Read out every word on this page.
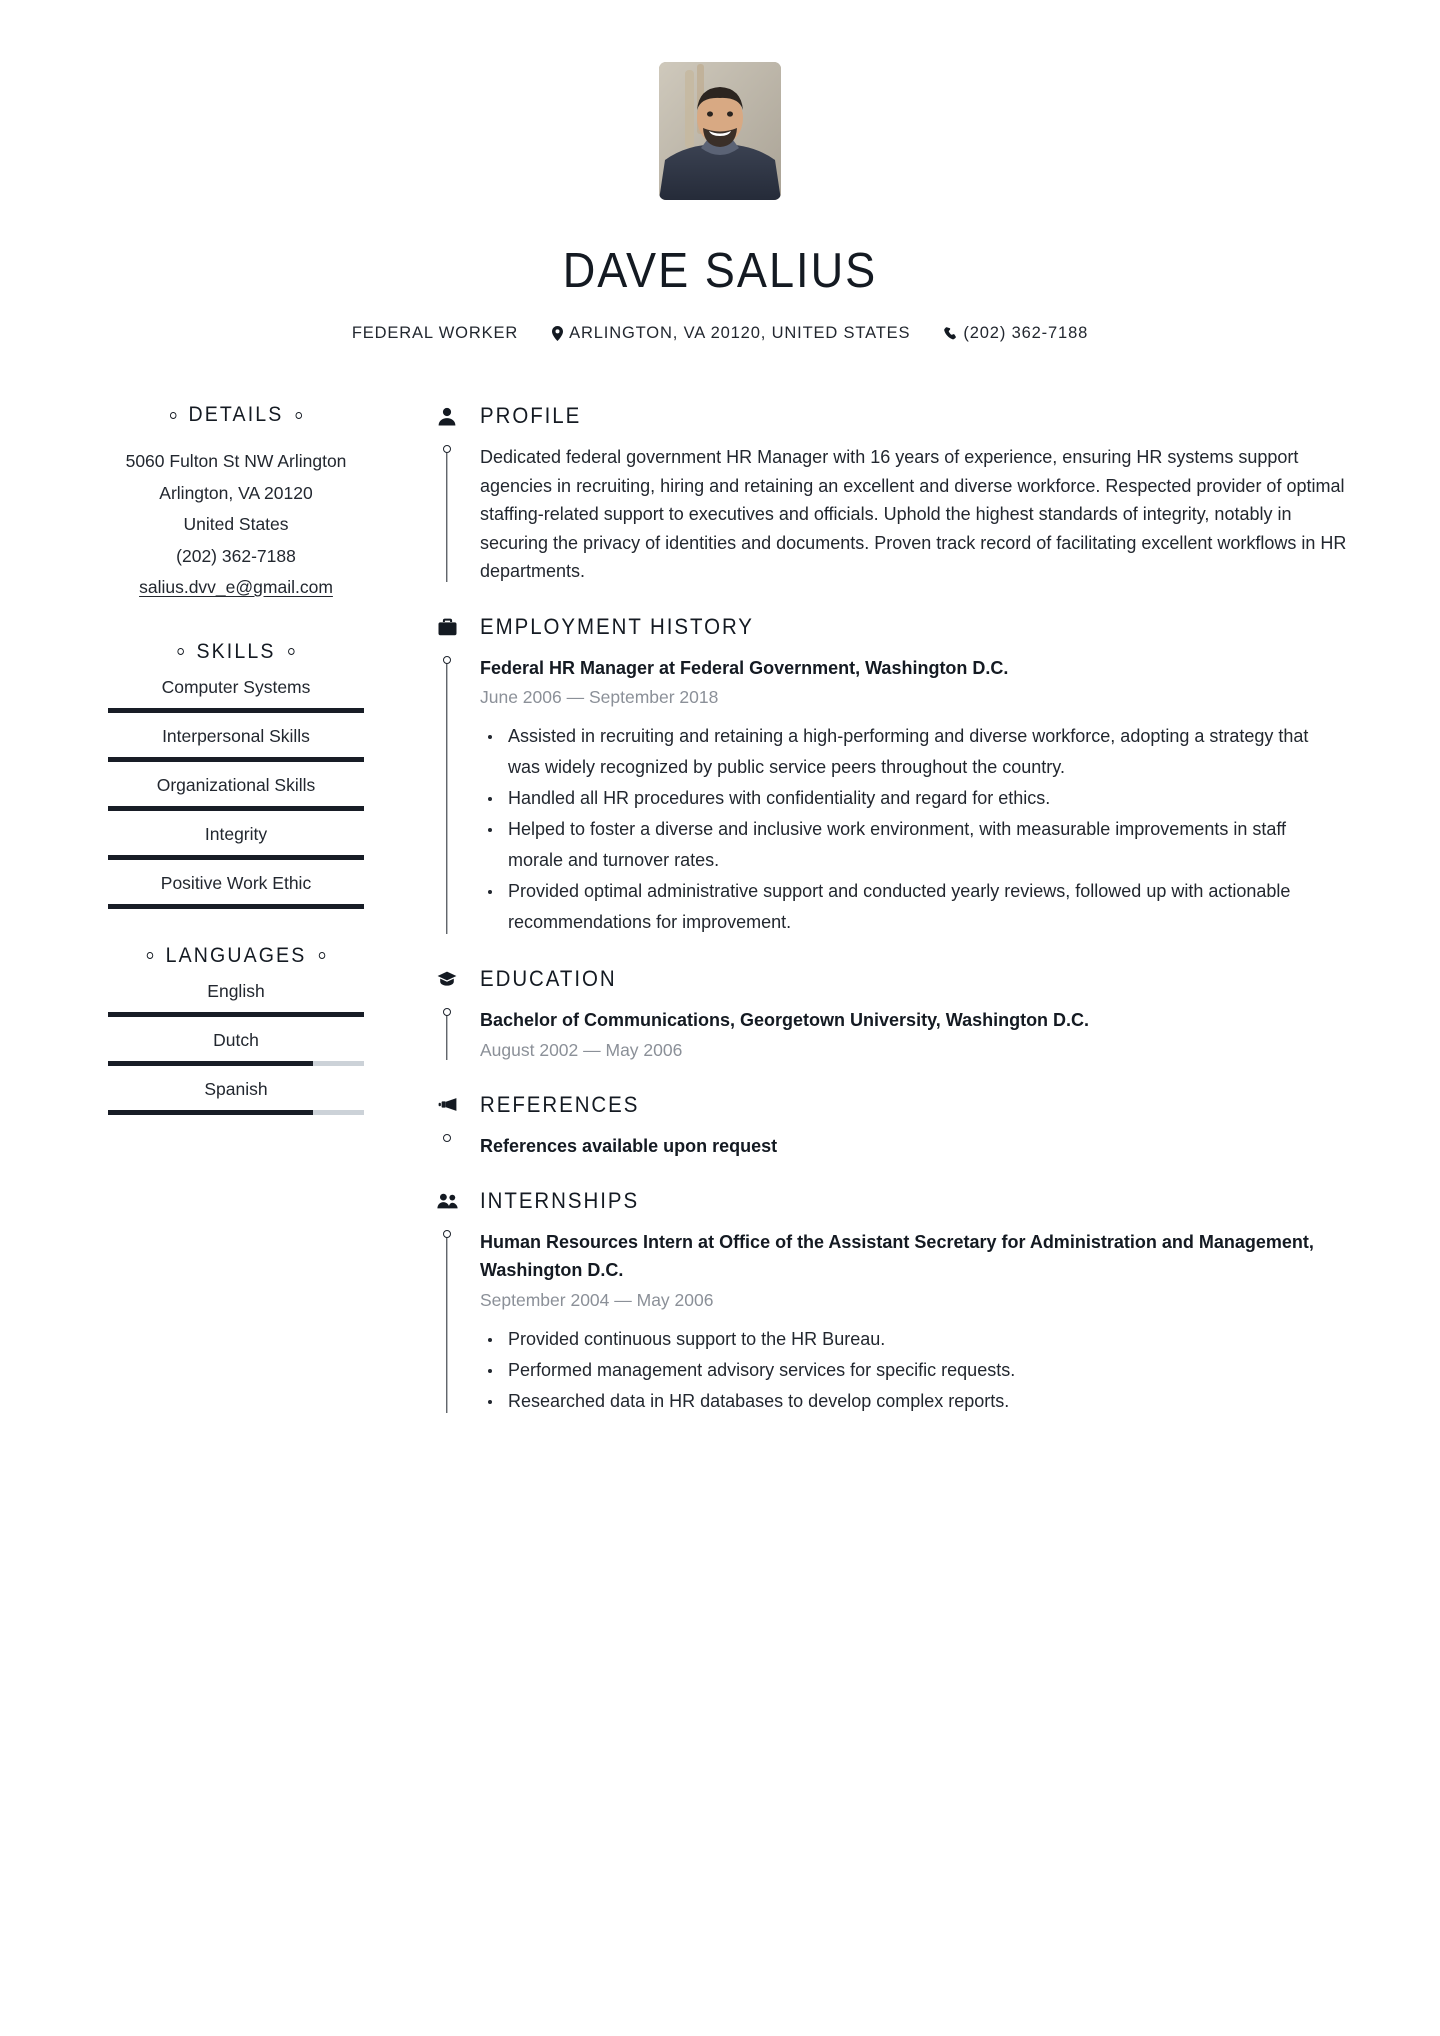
DAVE SALIUS
FEDERAL WORKER	ARLINGTON, VA 20120, UNITED STATES	(202) 362-7188
DETAILS
5060 Fulton St NW Arlington
Arlington, VA 20120
United States
(202) 362-7188
salius.dvv_e@gmail.com
SKILLS
Computer Systems
Interpersonal Skills
Organizational Skills
Integrity
Positive Work Ethic
LANGUAGES
English
Dutch
Spanish
PROFILE

Dedicated federal government HR Manager with 16 years of experience, ensuring HR systems support agencies in recruiting, hiring and retaining an excellent and diverse workforce. Respected provider of optimal staffing-related support to executives and officials. Uphold the highest standards of integrity, notably in securing the privacy of identities and documents. Proven track record of facilitating excellent workflows in HR departments.

EMPLOYMENT HISTORY
Federal HR Manager at Federal Government, Washington D.C.
June 2006 — September 2018
Assisted in recruiting and retaining a high-performing and diverse workforce, adopting a strategy that was widely recognized by public service peers throughout the country.
Handled all HR procedures with confidentiality and regard for ethics.
Helped to foster a diverse and inclusive work environment, with measurable improvements in staff morale and turnover rates.
Provided optimal administrative support and conducted yearly reviews, followed up with actionable recommendations for improvement.
EDUCATION
Bachelor of Communications, Georgetown University, Washington D.C.
August 2002 — May 2006
REFERENCES
References available upon request
INTERNSHIPS
Human Resources Intern at Office of the Assistant Secretary for Administration and Management, Washington D.C.
September 2004 — May 2006
Provided continuous support to the HR Bureau.
Performed management advisory services for specific requests.
Researched data in HR databases to develop complex reports.
